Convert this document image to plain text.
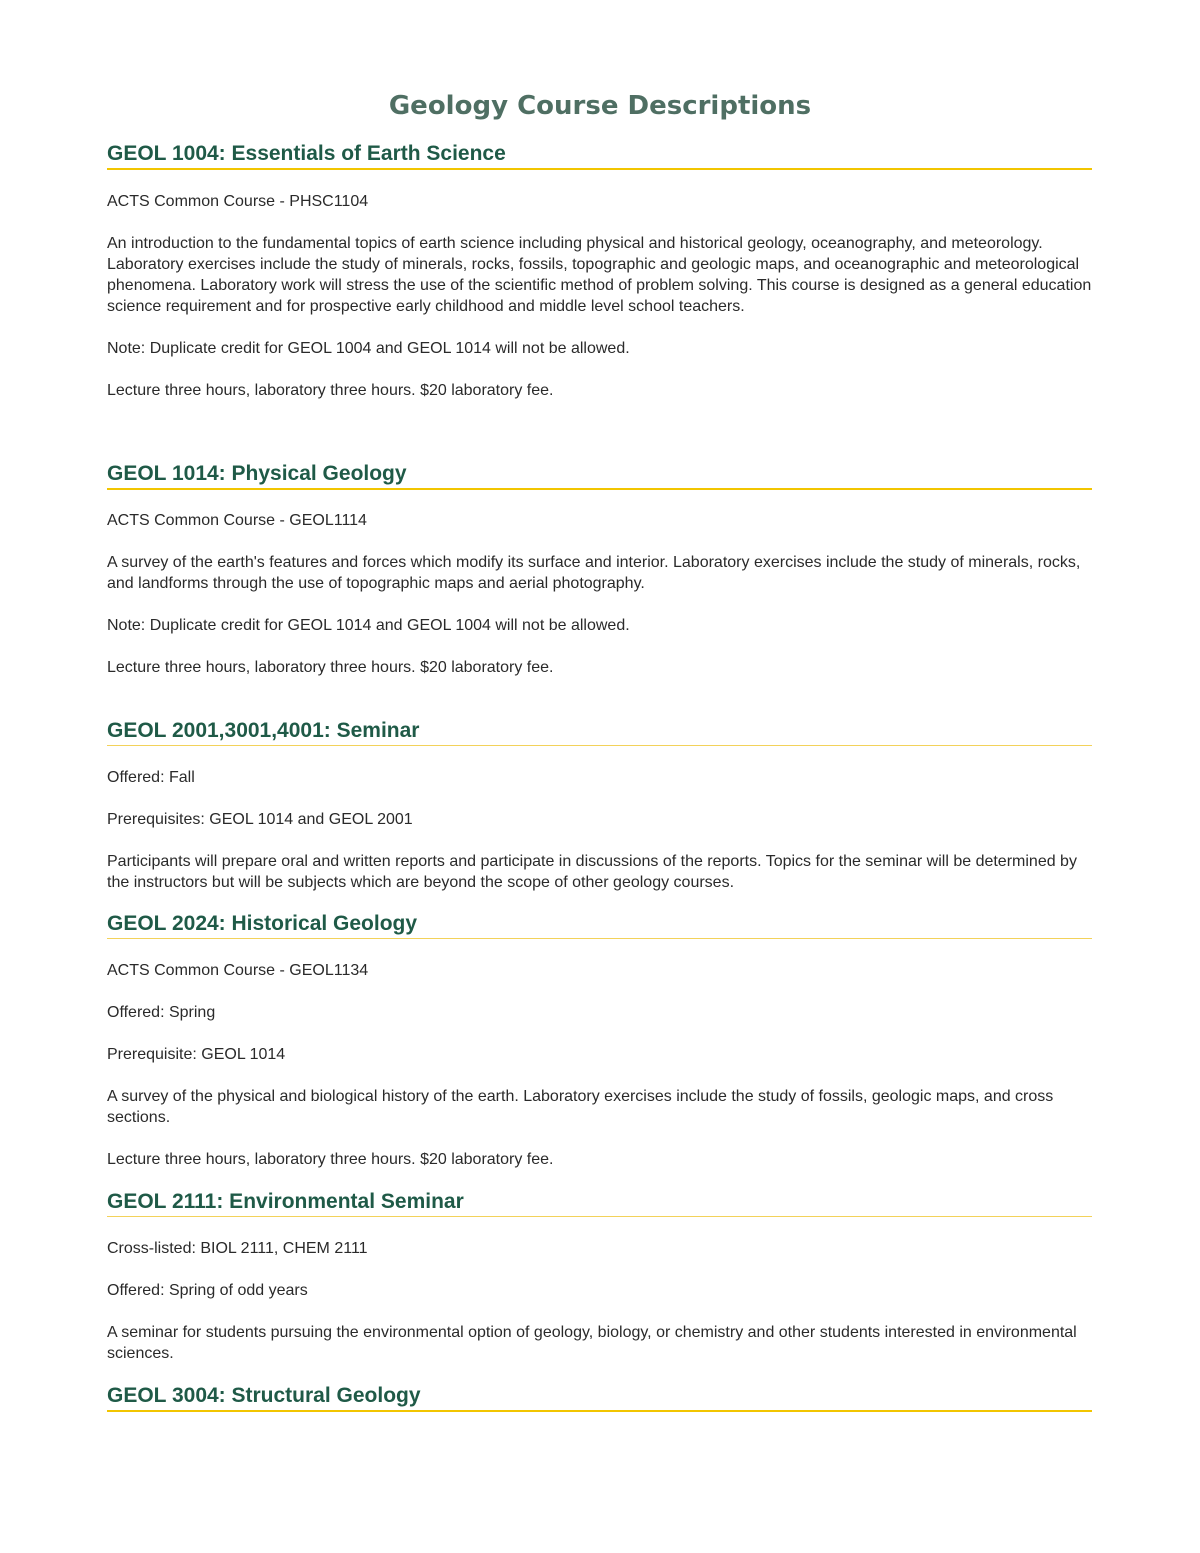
Geology Course Descriptions
GEOL 1004: Essentials of Earth Science

ACTS Common Course - PHSC1104

An introduction to the fundamental topics of earth science including physical and historical geology, oceanography, and meteorology. Laboratory exercises include the study of minerals, rocks, fossils, topographic and geologic maps, and oceanographic and meteorological phenomena. Laboratory work will stress the use of the scientific method of problem solving. This course is designed as a general education science requirement and for prospective early childhood and middle level school teachers.

Note: Duplicate credit for GEOL 1004 and GEOL 1014 will not be allowed.

Lecture three hours, laboratory three hours. $20 laboratory fee.

GEOL 1014: Physical Geology

ACTS Common Course - GEOL1114

A survey of the earth's features and forces which modify its surface and interior. Laboratory exercises include the study of minerals, rocks, and landforms through the use of topographic maps and aerial photography.

Note: Duplicate credit for GEOL 1014 and GEOL 1004 will not be allowed.

Lecture three hours, laboratory three hours. $20 laboratory fee.

GEOL 2001,3001,4001: Seminar

Offered: Fall

Prerequisites: GEOL 1014 and GEOL 2001

Participants will prepare oral and written reports and participate in discussions of the reports. Topics for the seminar will be determined by the instructors but will be subjects which are beyond the scope of other geology courses.

GEOL 2024: Historical Geology

ACTS Common Course - GEOL1134

Offered: Spring

Prerequisite: GEOL 1014

A survey of the physical and biological history of the earth. Laboratory exercises include the study of fossils, geologic maps, and cross sections.

Lecture three hours, laboratory three hours. $20 laboratory fee.

GEOL 2111: Environmental Seminar

Cross-listed: BIOL 2111, CHEM 2111

Offered: Spring of odd years

A seminar for students pursuing the environmental option of geology, biology, or chemistry and other students interested in environmental sciences.

GEOL 3004: Structural Geology
